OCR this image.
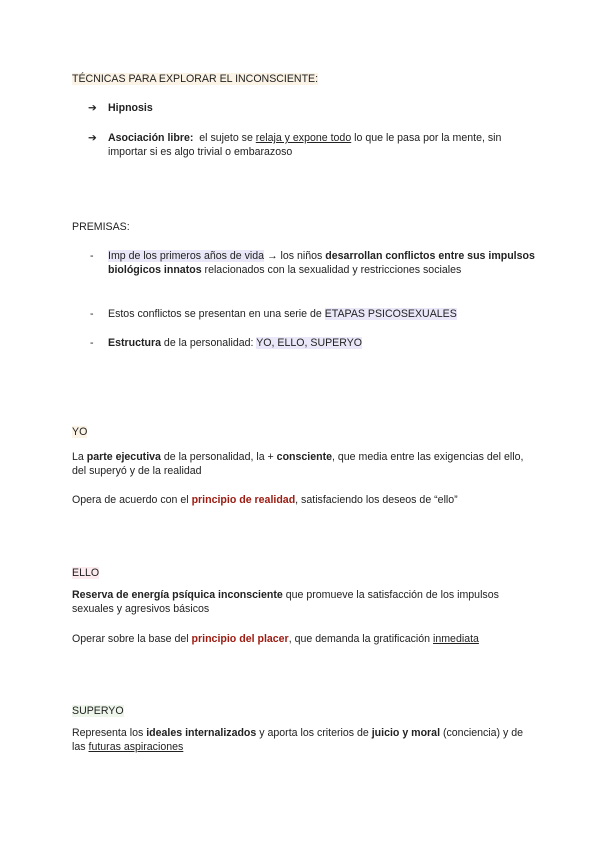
TÉCNICAS PARA EXPLORAR EL INCONSCIENTE:
➔	Hipnosis
➔	Asociación libre:  el sujeto se relaja y expone todo lo que le pasa por la mente, sin importar si es algo trivial o embarazoso
PREMISAS:
-	Imp de los primeros años de vida → los niños desarrollan conflictos entre sus impulsos biológicos innatos relacionados con la sexualidad y restricciones sociales
-	Estos conflictos se presentan en una serie de ETAPAS PSICOSEXUALES
-	Estructura de la personalidad: YO, ELLO, SUPERYO
YO
La parte ejecutiva de la personalidad, la + consciente, que media entre las exigencias del ello, del superyó y de la realidad
Opera de acuerdo con el principio de realidad, satisfaciendo los deseos de “ello”
ELLO
Reserva de energía psíquica inconsciente que promueve la satisfacción de los impulsos sexuales y agresivos básicos
Operar sobre la base del principio del placer, que demanda la gratificación inmediata
SUPERYO
Representa los ideales internalizados y aporta los criterios de juicio y moral (conciencia) y de las futuras aspiraciones
